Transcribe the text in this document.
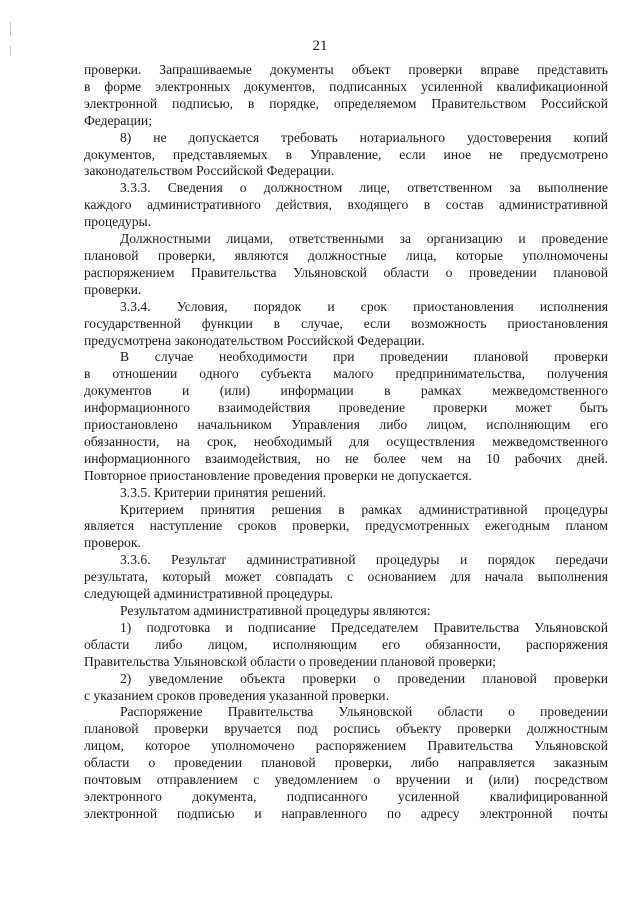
21

проверки. Запрашиваемые документы объект проверки вправе представить

в форме электронных документов, подписанных усиленной квалификационной

электронной подписью, в порядке, определяемом Правительством Российской

Федерации;

8) не допускается требовать нотариального удостоверения копий

документов, представляемых в Управление, если иное не предусмотрено

законодательством Российской Федерации.

3.3.3. Сведения о должностном лице, ответственном за выполнение

каждого административного действия, входящего в состав административной

процедуры.

Должностными лицами, ответственными за организацию и проведение

плановой проверки, являются должностные лица, которые уполномочены

распоряжением Правительства Ульяновской области о проведении плановой

проверки.

3.3.4. Условия, порядок и срок приостановления исполнения

государственной функции в случае, если возможность приостановления

предусмотрена законодательством Российской Федерации.

В случае необходимости при проведении плановой проверки

в отношении одного субъекта малого предпринимательства, получения

документов и (или) информации в рамках межведомственного

информационного взаимодействия проведение проверки может быть

приостановлено начальником Управления либо лицом, исполняющим его

обязанности, на срок, необходимый для осуществления межведомственного

информационного взаимодействия, но не более чем на 10 рабочих дней.

Повторное приостановление проведения проверки не допускается.

3.3.5. Критерии принятия решений.

Критерием принятия решения в рамках административной процедуры

является наступление сроков проверки, предусмотренных ежегодным планом

проверок.

3.3.6. Результат административной процедуры и порядок передачи

результата, который может совпадать с основанием для начала выполнения

следующей административной процедуры.

Результатом административной процедуры являются:

1) подготовка и подписание Председателем Правительства Ульяновской

области либо лицом, исполняющим его обязанности, распоряжения

Правительства Ульяновской области о проведении плановой проверки;

2) уведомление объекта проверки о проведении плановой проверки

с указанием сроков проведения указанной проверки.

Распоряжение Правительства Ульяновской области о проведении

плановой проверки вручается под роспись объекту проверки должностным

лицом, которое уполномочено распоряжением Правительства Ульяновской

области о проведении плановой проверки, либо направляется заказным

почтовым отправлением с уведомлением о вручении и (или) посредством

электронного документа, подписанного усиленной квалифицированной

электронной подписью и направленного по адресу электронной почты
